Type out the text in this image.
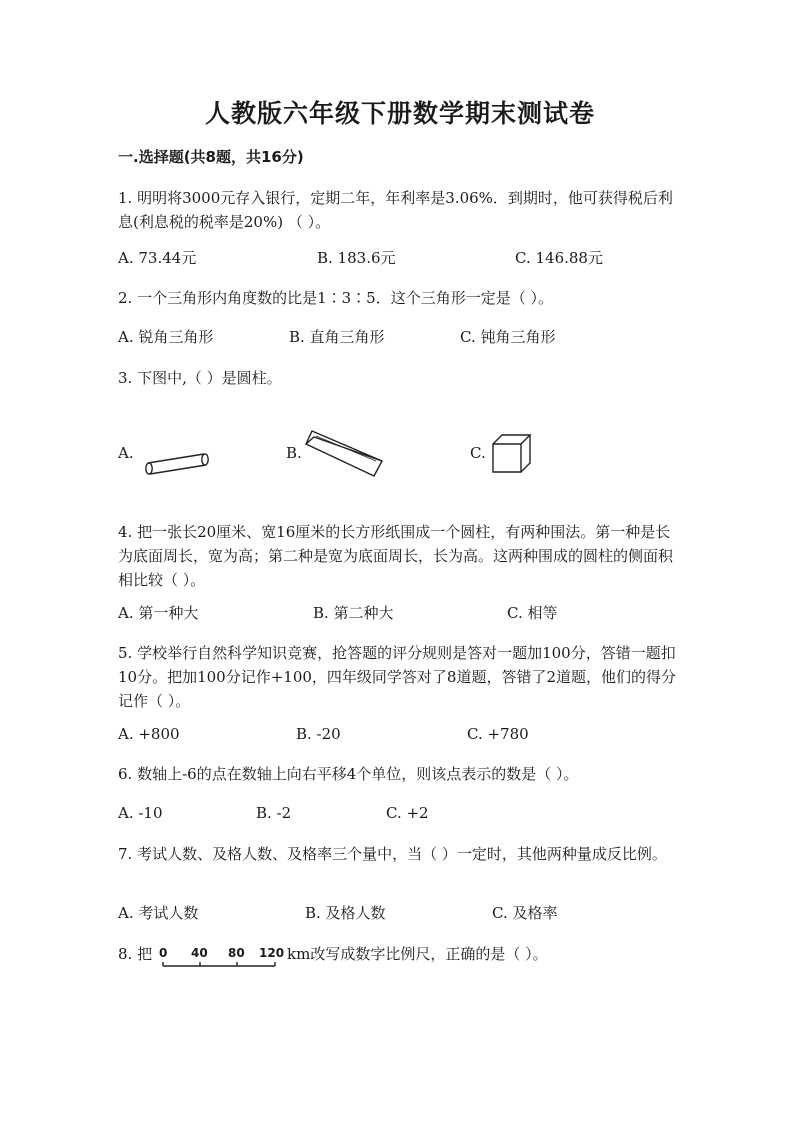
人教版六年级下册数学期末测试卷
一.选择题(共8题，共16分)
1. 明明将3000元存入银行，定期二年，年利率是3.06%．到期时，他可获得税后利息(利息税的税率是20%) （ ）。
A. 73.44元	B. 183.6元	C. 146.88元
2. 一个三角形内角度数的比是1∶3∶5．这个三角形一定是（ ）。
A. 锐角三角形	B. 直角三角形	C. 钝角三角形
3. 下图中,（ ）是圆柱。
A.	B.	C.
4. 把一张长20厘米、宽16厘米的长方形纸围成一个圆柱，有两种围法。第一种是长为底面周长，宽为高；第二种是宽为底面周长，长为高。这两种围成的圆柱的侧面积相比较（ ）。
A. 第一种大	B. 第二种大	C. 相等
5. 学校举行自然科学知识竞赛，抢答题的评分规则是答对一题加100分，答错一题扣10分。把加100分记作+100，四年级同学答对了8道题，答错了2道题，他们的得分记作（ ）。
A. +800	B. -20	C. +780
6. 数轴上-6的点在数轴上向右平移4个单位，则该点表示的数是（ ）。
A. -10	B. -2	C. +2
7. 考试人数、及格人数、及格率三个量中，当（ ）一定时，其他两种量成反比例。
A. 考试人数	B. 及格人数	C. 及格率
8. 把 0 40 80 120 km改写成数字比例尺，正确的是（ ）。
